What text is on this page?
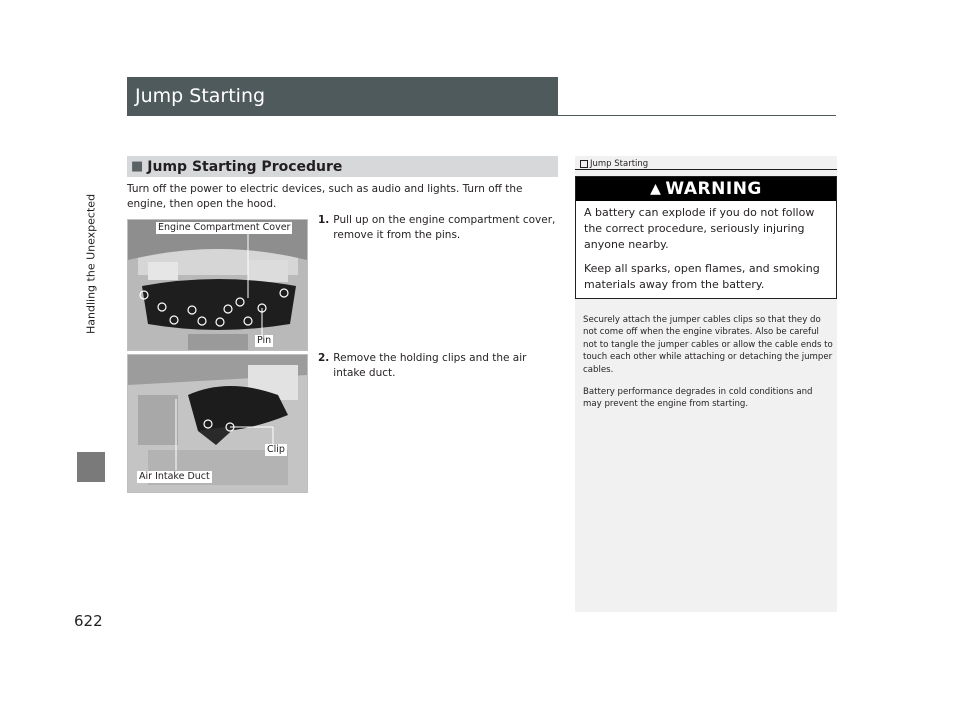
Handling the Unexpected
622
Jump Starting
■ Jump Starting Procedure
Turn off the power to electric devices, such as audio and lights. Turn off the engine, then open the hood.
Engine Compartment Cover
Pin
Clip
Air Intake Duct
1. Pull up on the engine compartment cover, remove it from the pins.
2. Remove the holding clips and the air intake duct.
Jump Starting
▲ WARNING

A battery can explode if you do not follow the correct procedure, seriously injuring anyone nearby.

Keep all sparks, open flames, and smoking materials away from the battery.

Securely attach the jumper cables clips so that they do not come off when the engine vibrates. Also be careful not to tangle the jumper cables or allow the cable ends to touch each other while attaching or detaching the jumper cables.

Battery performance degrades in cold conditions and may prevent the engine from starting.
